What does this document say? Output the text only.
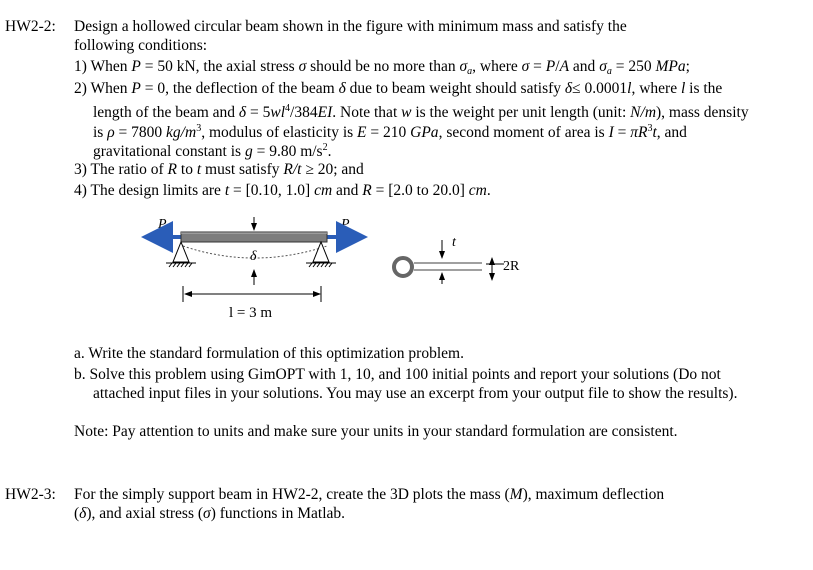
HW2-2: Design a hollowed circular beam shown in the figure with minimum mass and satisfy the
following conditions:
1) When P = 50 kN, the axial stress σ should be no more than $\sigma_a$, where σ = P/A and $\sigma_a = 250$ MPa;
2) When P = 0, the deflection of the beam δ due to beam weight should satisfy δ≤ 0.0001l, where l is the
length of the beam and $\delta = 5wl^4/384EI$. Note that w is the weight per unit length (unit: N/m), mass density
is ρ = 7800 $kg/m^3$, modulus of elasticity is E = 210 GPa, second moment of area is $I = \pi R^3t$, and
gravitational constant is g = 9.80 $m/s^2$.
3) The ratio of R to t must satisfy R/t ≥ 20; and
4) The design limits are t = [0.10, 1.0] cm and R = [2.0 to 20.0] cm.
P	P
δ
l = 3 m
t
2R
a. Write the standard formulation of this optimization problem.
b. Solve this problem using GimOPT with 1, 10, and 100 initial points and report your solutions (Do not
attached input files in your solutions. You may use an excerpt from your output file to show the results).
Note: Pay attention to units and make sure your units in your standard formulation are consistent.
HW2-3: For the simply support beam in HW2-2, create the 3D plots the mass (M), maximum deflection
(δ), and axial stress (σ) functions in Matlab.
